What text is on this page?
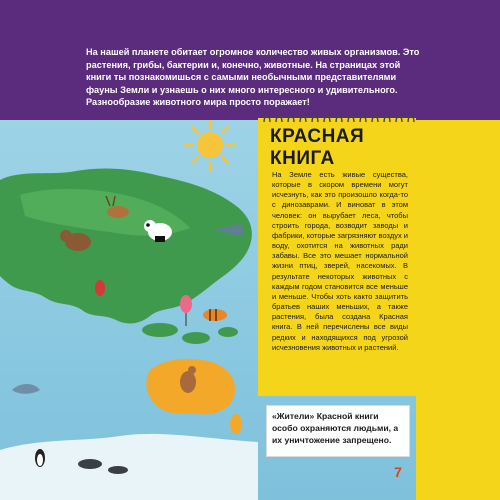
На нашей планете обитает огромное количество живых организмов. Это растения, грибы, бактерии и, конечно, животные. На страницах этой книги ты познакомишься с самыми необычными представителями фауны Земли и узнаешь о них много интересного и удивительного. Разнообразие животного мира просто поражает!

КРАСНАЯ
КНИГА

На Земле есть живые существа, которые в скором времени могут исчезнуть, как это произошло когда-то с динозаврами. И виноват в этом человек: он вырубает леса, чтобы строить города, возводит заводы и фабрики, которые загрязняют воздух и воду, охотится на животных ради забавы. Все это мешает нормальной жизни птиц, зверей, насекомых. В результате некоторых животных с каждым годом становится все меньше и меньше. Чтобы хоть както защитить братьев наших меньших, а также растения, была создана Красная книга. В ней перечислены все виды редких и находящихся под угрозой исчезновения животных и растений.

«Жители» Красной книги особо охраняются людьми, а их уничтожение запрещено.

7
